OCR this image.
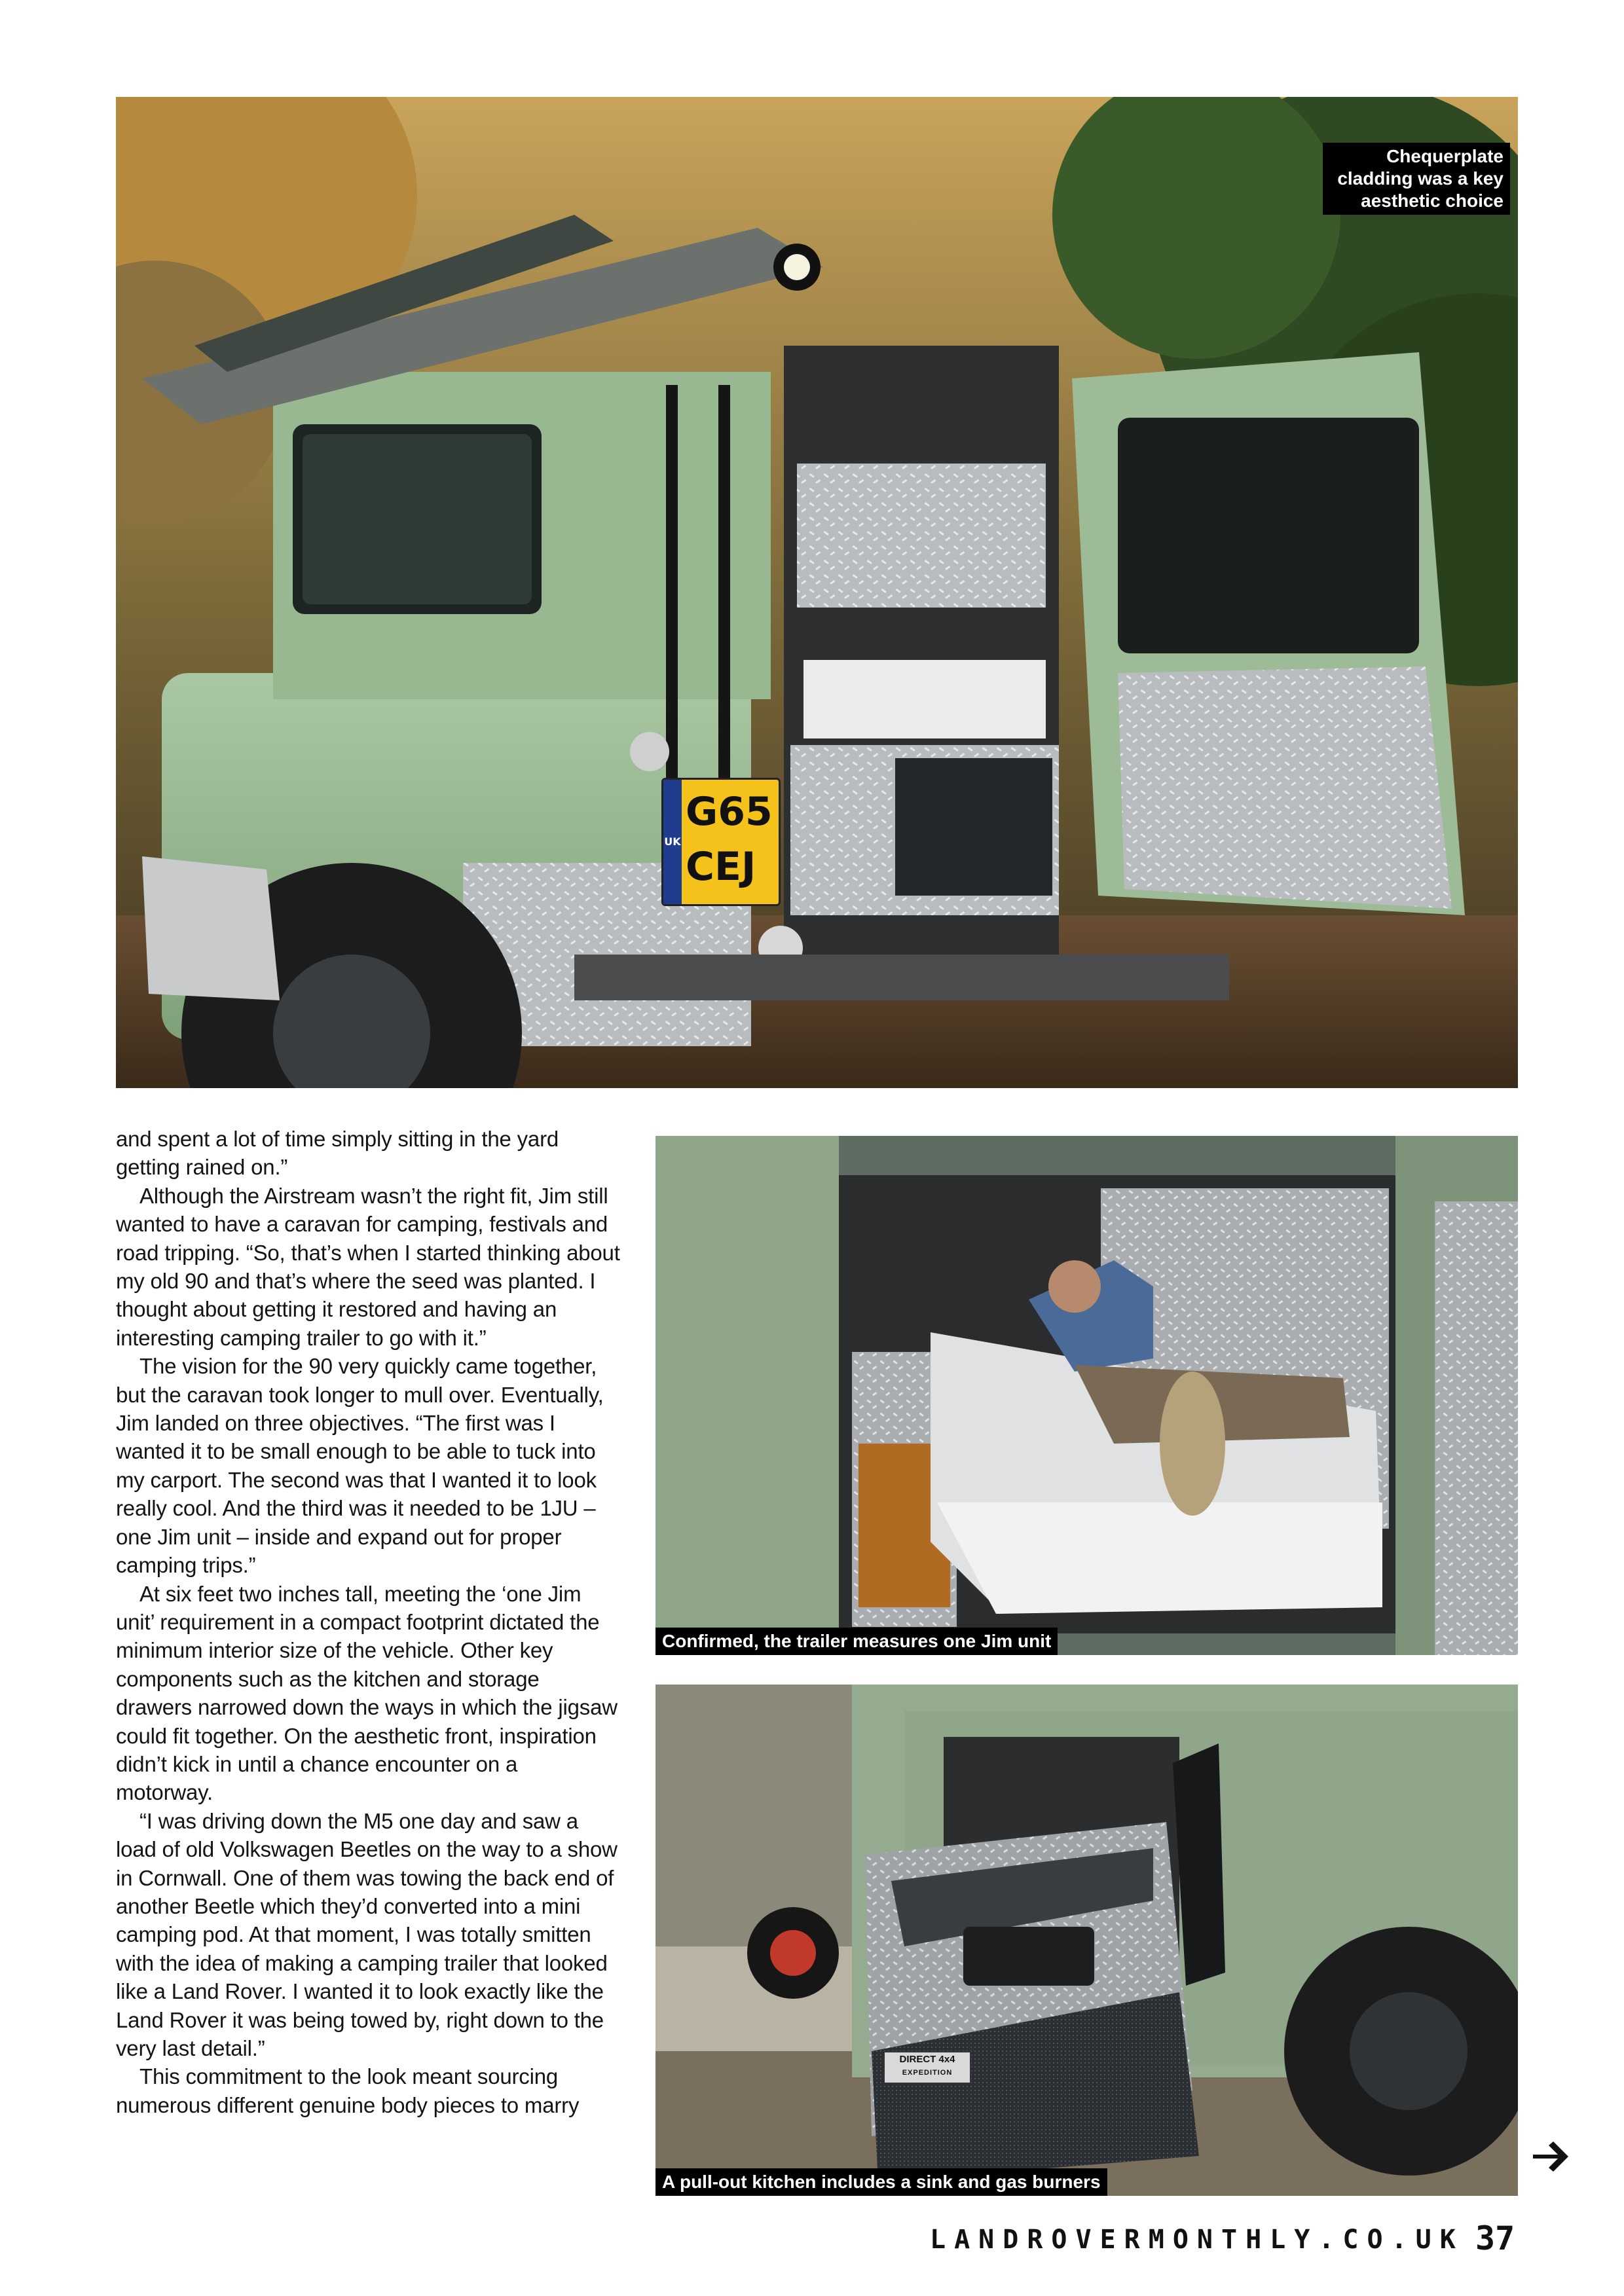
UK
G65
CEJ
Chequerplate
cladding was a key
aesthetic choice

and spent a lot of time simply sitting in the yard getting rained on.”

Although the Airstream wasn’t the right fit, Jim still wanted to have a caravan for camping, festivals and road tripping. “So, that’s when I started thinking about my old 90 and that’s where the seed was planted. I thought about getting it restored and having an interesting camping trailer to go with it.”

The vision for the 90 very quickly came together, but the caravan took longer to mull over. Eventually, Jim landed on three objectives. “The first was I wanted it to be small enough to be able to tuck into my carport. The second was that I wanted it to look really cool. And the third was it needed to be 1JU – one Jim unit – inside and expand out for proper camping trips.”

At six feet two inches tall, meeting the ‘one Jim unit’ requirement in a compact footprint dictated the minimum interior size of the vehicle. Other key components such as the kitchen and storage drawers narrowed down the ways in which the jigsaw could fit together. On the aesthetic front, inspiration didn’t kick in until a chance encounter on a motorway.

“I was driving down the M5 one day and saw a load of old Volkswagen Beetles on the way to a show in Cornwall. One of them was towing the back end of another Beetle which they’d converted into a mini camping pod. At that moment, I was totally smitten with the idea of making a camping trailer that looked like a Land Rover. I wanted it to look exactly like the Land Rover it was being towed by, right down to the very last detail.”

This commitment to the look meant sourcing numerous different genuine body pieces to marry

Confirmed, the trailer measures one Jim unit
DIRECT 4x4
EXPEDITION
A pull-out kitchen includes a sink and gas burners
LANDROVERMONTHLY.CO.UK 37
